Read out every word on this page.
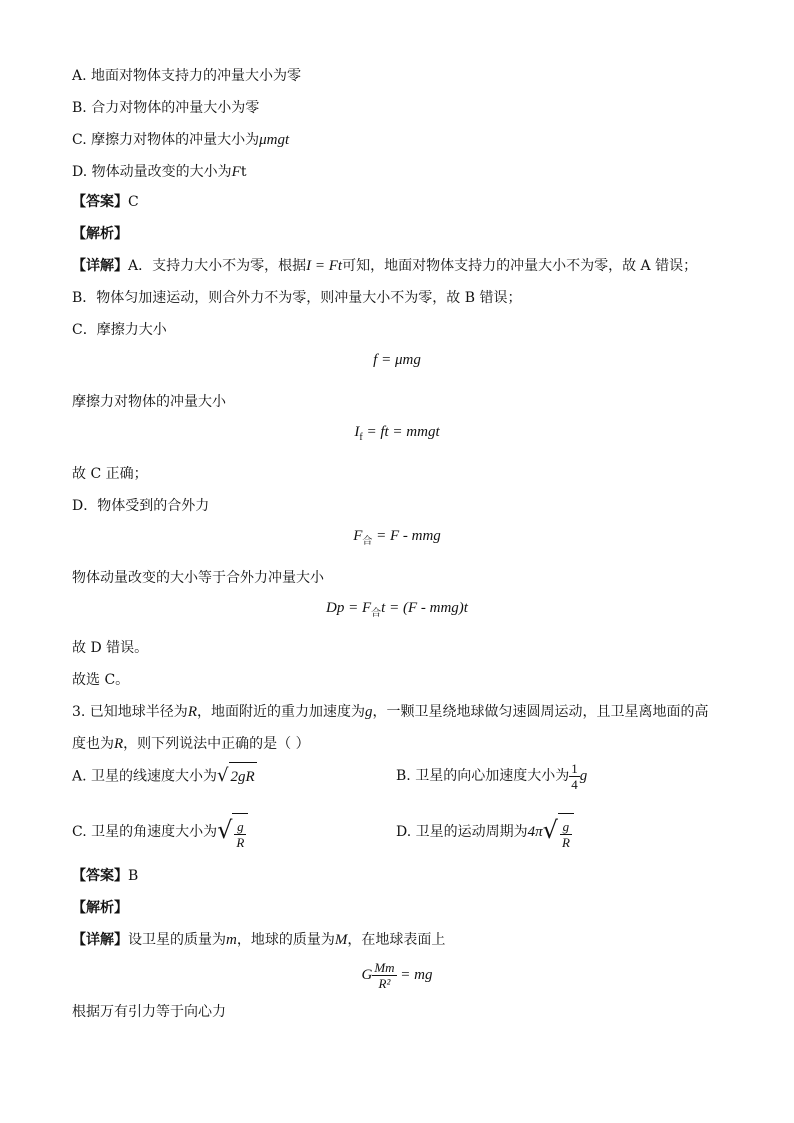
A. 地面对物体支持力的冲量大小为零
B. 合力对物体的冲量大小为零
C. 摩擦力对物体的冲量大小为μmgt
D. 物体动量改变的大小为Ft
【答案】C
【解析】
【详解】A．支持力大小不为零，根据I = Ft可知，地面对物体支持力的冲量大小不为零，故 A 错误；
B．物体匀加速运动，则合外力不为零，则冲量大小不为零，故 B 错误；
C．摩擦力大小
f = μmg
摩擦力对物体的冲量大小
$I_f$ = ft = mmgt
故 C 正确；
D．物体受到的合外力
$F_合 = F$ - mmg
物体动量改变的大小等于合外力冲量大小
$Dp = F_合t = (F - mmg)t$
故 D 错误。
故选 C。
3. 已知地球半径为R，地面附近的重力加速度为g，一颗卫星绕地球做匀速圆周运动，且卫星离地面的高
度也为R，则下列说法中正确的是（ ）
A. 卫星的线速度大小为√ 2gR	B. 卫星的向心加速度大小为 $\frac{1}{4}$ g
C. 卫星的角速度大小为√ $\frac{g}{R}$	D. 卫星的运动周期为$4\pi√ \frac{g}{R}$
【答案】B
【解析】
【详解】设卫星的质量为m，地球的质量为M，在地球表面上
G $\frac{Mm}{\text{R²}}$ = mg
根据万有引力等于向心力
